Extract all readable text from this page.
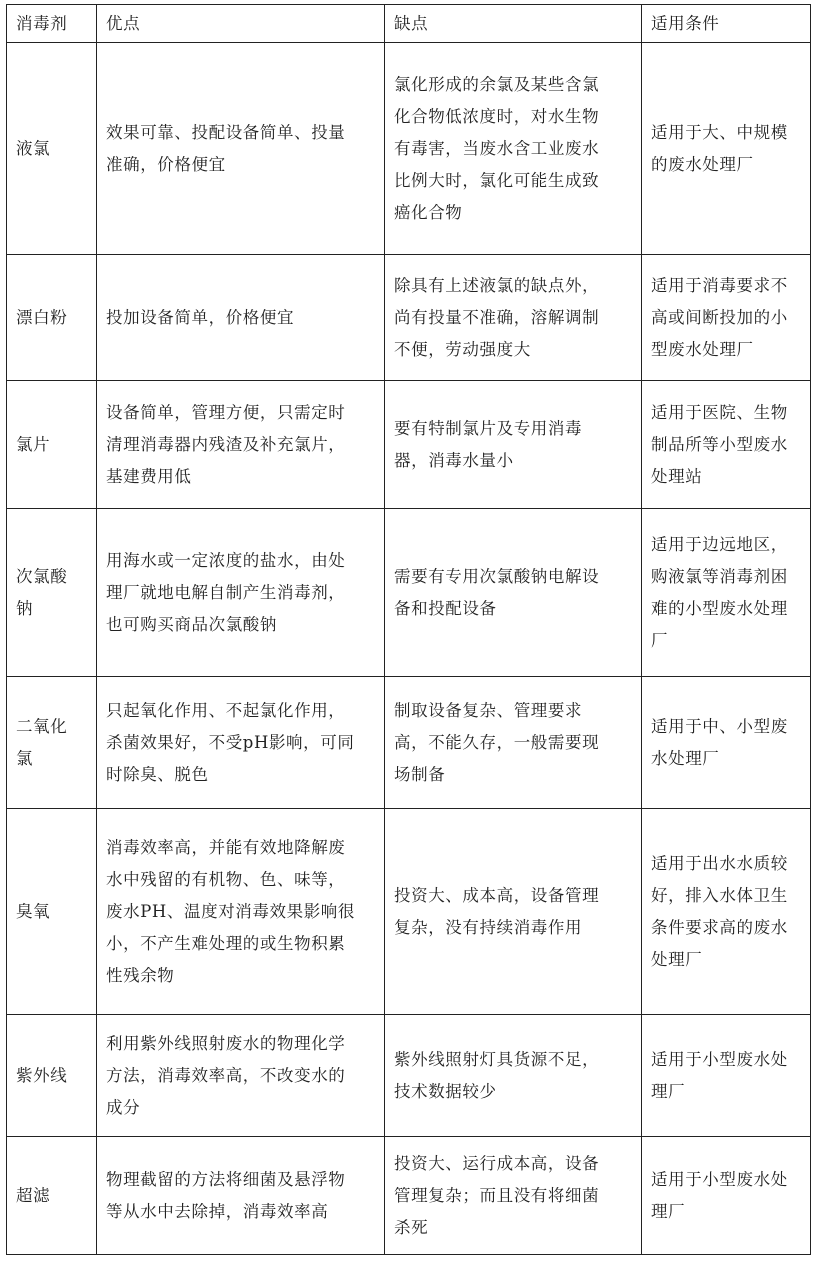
消毒剂	优点	缺点	适用条件

液氯	效果可靠、投配设备简单、投量
准确，价格便宜	氯化形成的余氯及某些含氯
化合物低浓度时，对水生物
有毒害，当废水含工业废水
比例大时，氯化可能生成致
癌化合物	适用于大、中规模
的废水处理厂

漂白粉	投加设备简单，价格便宜	除具有上述液氯的缺点外，
尚有投量不准确，溶解调制
不便，劳动强度大	适用于消毒要求不
高或间断投加的小
型废水处理厂

氯片	设备简单，管理方便，只需定时
清理消毒器内残渣及补充氯片，
基建费用低	要有特制氯片及专用消毒
器，消毒水量小	适用于医院、生物
制品所等小型废水
处理站

次氯酸
钠	用海水或一定浓度的盐水，由处
理厂就地电解自制产生消毒剂，
也可购买商品次氯酸钠	需要有专用次氯酸钠电解设
备和投配设备	适用于边远地区，
购液氯等消毒剂困
难的小型废水处理
厂

二氧化
氯	只起氧化作用、不起氯化作用，
杀菌效果好，不受pH影响，可同
时除臭、脱色	制取设备复杂、管理要求
高，不能久存，一般需要现
场制备	适用于中、小型废
水处理厂

臭氧	消毒效率高，并能有效地降解废
水中残留的有机物、色、味等，
废水PH、温度对消毒效果影响很
小，不产生难处理的或生物积累
性残余物	投资大、成本高，设备管理
复杂，没有持续消毒作用	适用于出水水质较
好，排入水体卫生
条件要求高的废水
处理厂

紫外线	利用紫外线照射废水的物理化学
方法，消毒效率高，不改变水的
成分	紫外线照射灯具货源不足，
技术数据较少	适用于小型废水处
理厂

超滤	物理截留的方法将细菌及悬浮物
等从水中去除掉，消毒效率高	投资大、运行成本高，设备
管理复杂；而且没有将细菌
杀死	适用于小型废水处
理厂
